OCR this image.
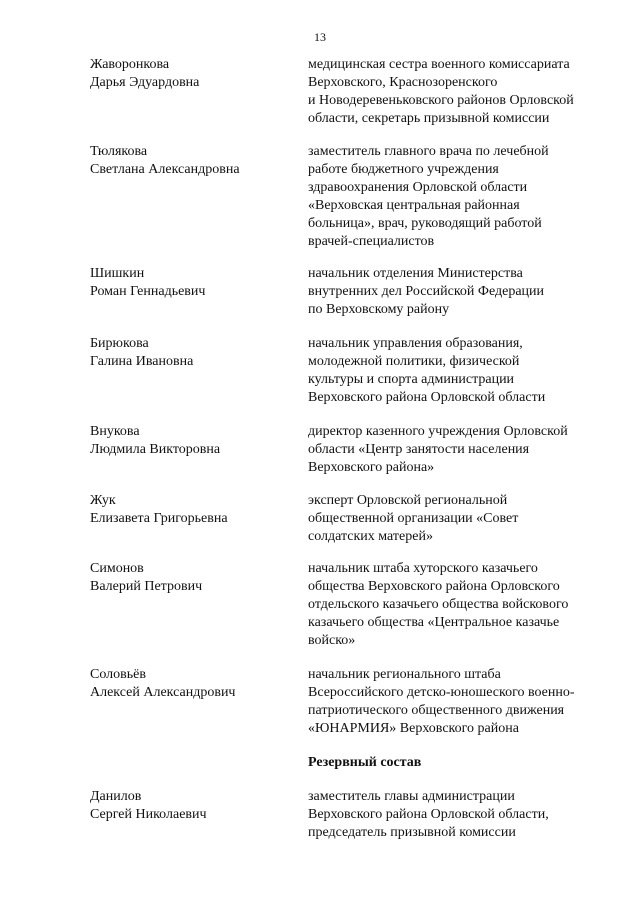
13
Жаворонкова
Дарья Эдуардовна
медицинская сестра военного комиссариата
Верховского, Краснозоренского
и Новодеревеньковского районов Орловской
области, секретарь призывной комиссии
Тюлякова
Светлана Александровна
заместитель главного врача по лечебной
работе бюджетного учреждения
здравоохранения Орловской области
«Верховская центральная районная
больница», врач, руководящий работой
врачей-специалистов
Шишкин
Роман Геннадьевич
начальник отделения Министерства
внутренних дел Российской Федерации
по Верховскому району
Бирюкова
Галина Ивановна
начальник управления образования,
молодежной политики, физической
культуры и спорта администрации
Верховского района Орловской области
Внукова
Людмила Викторовна
директор казенного учреждения Орловской
области «Центр занятости населения
Верховского района»
Жук
Елизавета Григорьевна
эксперт Орловской региональной
общественной организации «Совет
солдатских матерей»
Симонов
Валерий Петрович
начальник штаба хуторского казачьего
общества Верховского района Орловского
отдельского казачьего общества войскового
казачьего общества «Центральное казачье
войско»
Соловьёв
Алексей Александрович
начальник регионального штаба
Всероссийского детско-юношеского военно-
патриотического общественного движения
«ЮНАРМИЯ» Верховского района
Резервный состав
Данилов
Сергей Николаевич
заместитель главы администрации
Верховского района Орловской области,
председатель призывной комиссии
